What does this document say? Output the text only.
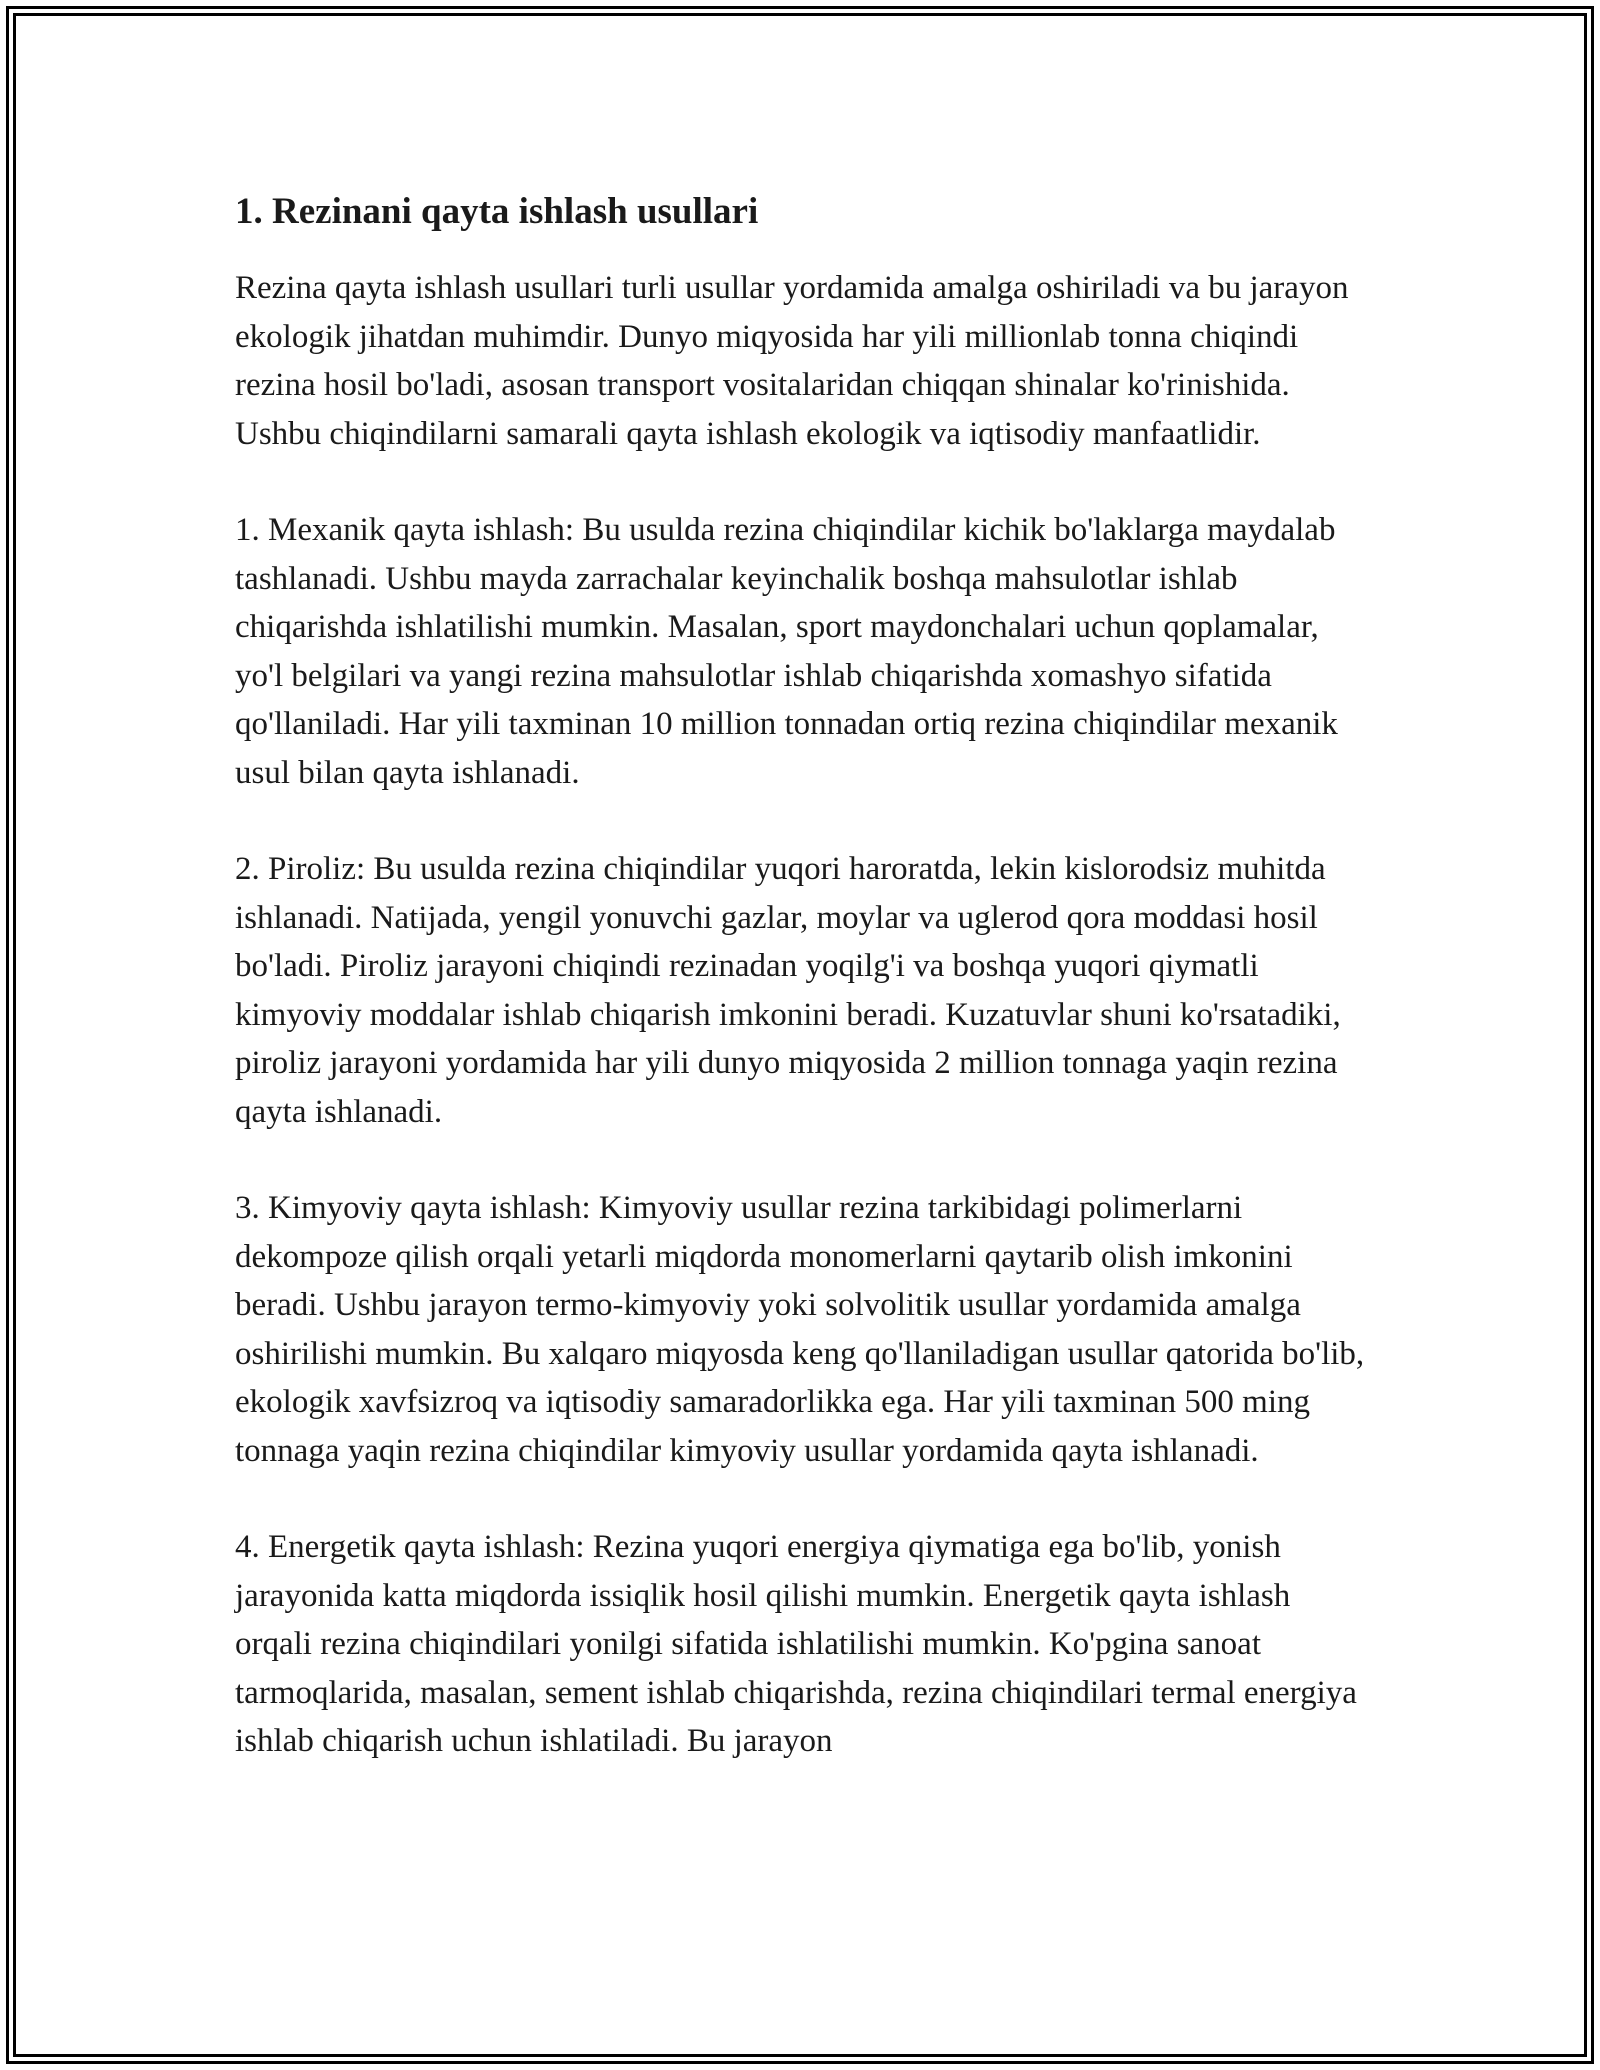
1. Rezinani qayta ishlash usullari

Rezina qayta ishlash usullari turli usullar yordamida amalga oshiriladi va bu jarayon ekologik jihatdan muhimdir. Dunyo miqyosida har yili millionlab tonna chiqindi rezina hosil bo'ladi, asosan transport vositalaridan chiqqan shinalar ko'rinishida. Ushbu chiqindilarni samarali qayta ishlash ekologik va iqtisodiy manfaatlidir.

1. Mexanik qayta ishlash: Bu usulda rezina chiqindilar kichik bo'laklarga maydalab tashlanadi. Ushbu mayda zarrachalar keyinchalik boshqa mahsulotlar ishlab chiqarishda ishlatilishi mumkin. Masalan, sport maydonchalari uchun qoplamalar, yo'l belgilari va yangi rezina mahsulotlar ishlab chiqarishda xomashyo sifatida qo'llaniladi. Har yili taxminan 10 million tonnadan ortiq rezina chiqindilar mexanik usul bilan qayta ishlanadi.

2. Piroliz: Bu usulda rezina chiqindilar yuqori haroratda, lekin kislorodsiz muhitda ishlanadi. Natijada, yengil yonuvchi gazlar, moylar va uglerod qora moddasi hosil bo'ladi. Piroliz jarayoni chiqindi rezinadan yoqilg'i va boshqa yuqori qiymatli kimyoviy moddalar ishlab chiqarish imkonini beradi. Kuzatuvlar shuni ko'rsatadiki, piroliz jarayoni yordamida har yili dunyo miqyosida 2 million tonnaga yaqin rezina qayta ishlanadi.

3. Kimyoviy qayta ishlash: Kimyoviy usullar rezina tarkibidagi polimerlarni dekompoze qilish orqali yetarli miqdorda monomerlarni qaytarib olish imkonini beradi. Ushbu jarayon termo-kimyoviy yoki solvolitik usullar yordamida amalga oshirilishi mumkin. Bu xalqaro miqyosda keng qo'llaniladigan usullar qatorida bo'lib, ekologik xavfsizroq va iqtisodiy samaradorlikka ega. Har yili taxminan 500 ming tonnaga yaqin rezina chiqindilar kimyoviy usullar yordamida qayta ishlanadi.

4. Energetik qayta ishlash: Rezina yuqori energiya qiymatiga ega bo'lib, yonish jarayonida katta miqdorda issiqlik hosil qilishi mumkin. Energetik qayta ishlash orqali rezina chiqindilari yonilgi sifatida ishlatilishi mumkin. Ko'pgina sanoat tarmoqlarida, masalan, sement ishlab chiqarishda, rezina chiqindilari termal energiya ishlab chiqarish uchun ishlatiladi. Bu jarayon
